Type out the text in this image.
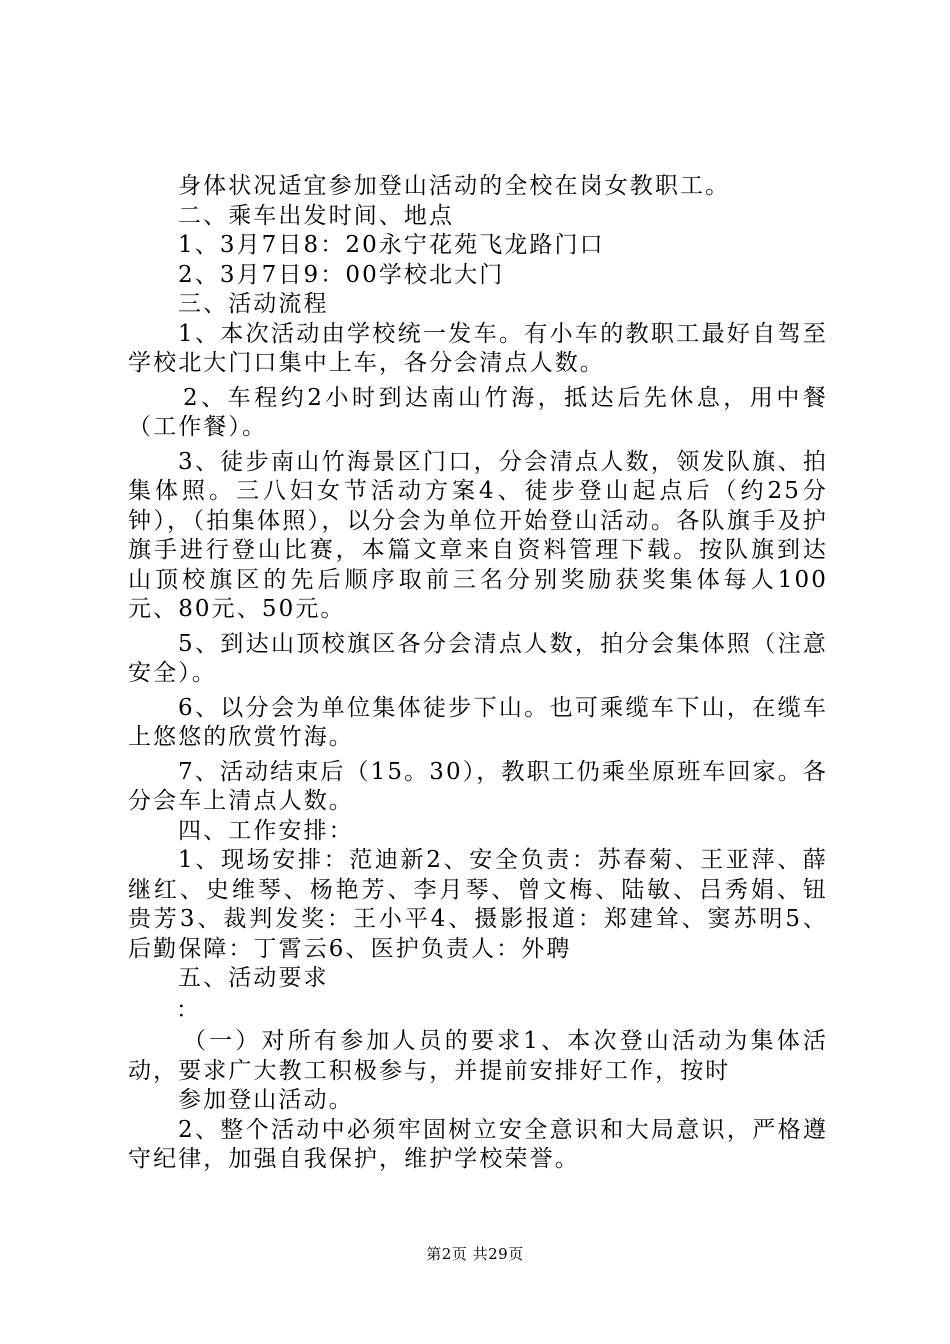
身体状况适宜参加登山活动的全校在岗女教职工。

二、乘车出发时间、地点

1、3月7日8：20永宁花苑飞龙路门口

2、3月7日9：00学校北大门

三、活动流程

1、本次活动由学校统一发车。有小车的教职工最好自驾至学校北大门口集中上车，各分会清点人数。

2、车程约2小时到达南山竹海，抵达后先休息，用中餐（工作餐）。

3、徒步南山竹海景区门口，分会清点人数，领发队旗、拍集体照。三八妇女节活动方案4、徒步登山起点后（约25分钟），（拍集体照），以分会为单位开始登山活动。各队旗手及护旗手进行登山比赛，本篇文章来自资料管理下载。按队旗到达山顶校旗区的先后顺序取前三名分别奖励获奖集体每人100元、80元、50元。

5、到达山顶校旗区各分会清点人数，拍分会集体照（注意安全）。

6、以分会为单位集体徒步下山。也可乘缆车下山，在缆车上悠悠的欣赏竹海。

7、活动结束后（15。30），教职工仍乘坐原班车回家。各分会车上清点人数。

四、工作安排：

1、现场安排：范迪新2、安全负责：苏春菊、王亚萍、薛继红、史维琴、杨艳芳、李月琴、曾文梅、陆敏、吕秀娟、钮贵芳3、裁判发奖：王小平4、摄影报道：郑建耸、窦苏明5、后勤保障：丁霄云6、医护负责人：外聘

五、活动要求

：

（一）对所有参加人员的要求1、本次登山活动为集体活动，要求广大教工积极参与，并提前安排好工作，按时

参加登山活动。

2、整个活动中必须牢固树立安全意识和大局意识，严格遵守纪律，加强自我保护，维护学校荣誉。

第2页 共29页
